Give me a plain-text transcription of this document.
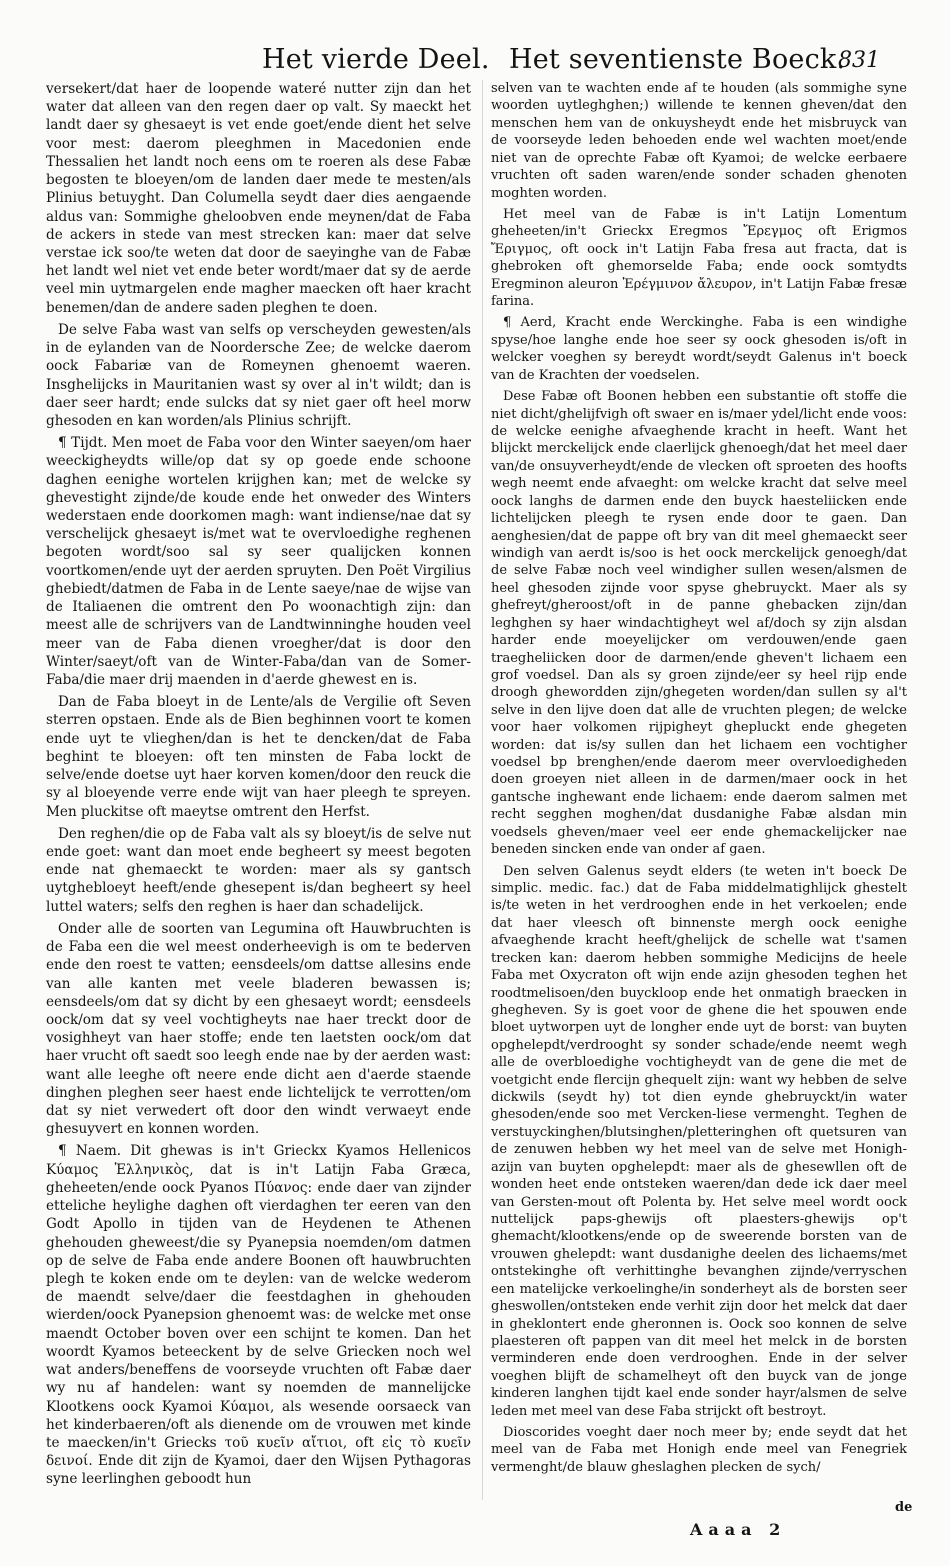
Het vierde Deel. Het seventienste Boeck.
831

versekert/dat haer de loopende wateré nutter zijn dan het water dat alleen van den regen daer op valt. Sy maeckt het landt daer sy ghesaeyt is vet ende goet/ende dient het selve voor mest: daerom pleeghmen in Macedonien ende Thessalien het landt noch eens om te roeren als dese Fabæ begosten te bloeyen/om de landen daer mede te mesten/als Plinius betuyght. Dan Columella seydt daer dies aengaende aldus van: Sommighe gheloobven ende meynen/dat de Faba de ackers in stede van mest strecken kan: maer dat selve verstae ick soo/te weten dat door de saeyinghe van de Fabæ het landt wel niet vet ende beter wordt/maer dat sy de aerde veel min uytmargelen ende magher maecken oft haer kracht benemen/dan de andere saden pleghen te doen.

De selve Faba wast van selfs op verscheyden gewesten/als in de eylanden van de Noordersche Zee; de welcke daerom oock Fabariæ van de Romeynen ghenoemt waeren. Insghelijcks in Mauritanien wast sy over al in't wildt; dan is daer seer hardt; ende sulcks dat sy niet gaer oft heel morw ghesoden en kan worden/als Plinius schrijft.

¶ Tijdt. Men moet de Faba voor den Winter saeyen/om haer weeckigheydts wille/op dat sy op goede ende schoone daghen eenighe wortelen krijghen kan; met de welcke sy ghevestight zijnde/de koude ende het onweder des Winters wederstaen ende doorkomen magh: want indiense/nae dat sy verschelijck ghesaeyt is/met wat te overvloedighe reghenen begoten wordt/soo sal sy seer qualijcken konnen voortkomen/ende uyt der aerden spruyten. Den Poët Virgilius ghebiedt/datmen de Faba in de Lente saeye/nae de wijse van de Italiaenen die omtrent den Po woonachtigh zijn: dan meest alle de schrijvers van de Landtwinninghe houden veel meer van de Faba dienen vroegher/dat is door den Winter/saeyt/oft van de Winter-Faba/dan van de Somer-Faba/die maer drij maenden in d'aerde ghewest en is.

Dan de Faba bloeyt in de Lente/als de Vergilie oft Seven sterren opstaen. Ende als de Bien beghinnen voort te komen ende uyt te vlieghen/dan is het te dencken/dat de Faba beghint te bloeyen: oft ten minsten de Faba lockt de selve/ende doetse uyt haer korven komen/door den reuck die sy al bloeyende verre ende wijt van haer pleegh te spreyen. Men pluckitse oft maeytse omtrent den Herfst.

Den reghen/die op de Faba valt als sy bloeyt/is de selve nut ende goet: want dan moet ende begheert sy meest begoten ende nat ghemaeckt te worden: maer als sy gantsch uytghebloeyt heeft/ende ghesepent is/dan begheert sy heel luttel waters; selfs den reghen is haer dan schadelijck.

Onder alle de soorten van Legumina oft Hauwbruchten is de Faba een die wel meest onderheevigh is om te bederven ende den roest te vatten; eensdeels/om dattse allesins ende van alle kanten met veele bladeren bewassen is; eensdeels/om dat sy dicht by een ghesaeyt wordt; eensdeels oock/om dat sy veel vochtigheyts nae haer treckt door de vosighheyt van haer stoffe; ende ten laetsten oock/om dat haer vrucht oft saedt soo leegh ende nae by der aerden wast: want alle leeghe oft neere ende dicht aen d'aerde staende dinghen pleghen seer haest ende lichtelijck te verrotten/om dat sy niet verwedert oft door den windt verwaeyt ende ghesuyvert en konnen worden.

¶ Naem. Dit ghewas is in't Grieckx Kyamos Hellenicos Κύαμος Ἑλληνικὸς, dat is in't Latijn Faba Græca, gheheeten/ende oock Pyanos Πύανος: ende daer van zijnder etteliche heylighe daghen oft vierdaghen ter eeren van den Godt Apollo in tijden van de Heydenen te Athenen ghehouden gheweest/die sy Pyanepsia noemden/om datmen op de selve de Faba ende andere Boonen oft hauwbruchten plegh te koken ende om te deylen: van de welcke wederom de maendt selve/daer die feestdaghen in ghehouden wierden/oock Pyanepsion ghenoemt was: de welcke met onse maendt October boven over een schijnt te komen. Dan het woordt Kyamos beteeckent by de selve Griecken noch wel wat anders/beneffens de voorseyde vruchten oft Fabæ daer wy nu af handelen: want sy noemden de mannelijcke Klootkens oock Kyamoi Κύαμοι, als wesende oorsaeck van het kinderbaeren/oft als dienende om de vrouwen met kinde te maecken/in't Griecks τοῦ κυεῖν αἴτιοι, oft εἰς τὸ κυεῖν δεινοί. Ende dit zijn de Kyamoi, daer den Wijsen Pythagoras syne leerlinghen geboodt hun

selven van te wachten ende af te houden (als sommighe syne woorden uytleghghen;) willende te kennen gheven/dat den menschen hem van de onkuysheydt ende het misbruyck van de voorseyde leden behoeden ende wel wachten moet/ende niet van de oprechte Fabæ oft Kyamoi; de welcke eerbaere vruchten oft saden waren/ende sonder schaden ghenoten moghten worden.

Het meel van de Fabæ is in't Latijn Lomentum gheheeten/in't Grieckx Eregmos Ἔρεγμος oft Erigmos Ἔριγμος, oft oock in't Latijn Faba fresa aut fracta, dat is ghebroken oft ghemorselde Faba; ende oock somtydts Eregminon aleuron Ἐρέγμινον ἄλευρον, in't Latijn Fabæ fresæ farina.

¶ Aerd, Kracht ende Werckinghe. Faba is een windighe spyse/hoe langhe ende hoe seer sy oock ghesoden is/oft in welcker voeghen sy bereydt wordt/seydt Galenus in't boeck van de Krachten der voedselen.

Dese Fabæ oft Boonen hebben een substantie oft stoffe die niet dicht/ghelijfvigh oft swaer en is/maer ydel/licht ende voos: de welcke eenighe afvaeghende kracht in heeft. Want het blijckt merckelijck ende claerlijck ghenoegh/dat het meel daer van/de onsuyverheydt/ende de vlecken oft sproeten des hoofts wegh neemt ende afvaeght: om welcke kracht dat selve meel oock langhs de darmen ende den buyck haesteliicken ende lichtelijcken pleegh te rysen ende door te gaen. Dan aenghesien/dat de pappe oft bry van dit meel ghemaeckt seer windigh van aerdt is/soo is het oock merckelijck genoegh/dat de selve Fabæ noch veel windigher sullen wesen/alsmen de heel ghesoden zijnde voor spyse ghebruyckt. Maer als sy ghefreyt/gheroost/oft in de panne ghebacken zijn/dan leghghen sy haer windachtigheyt wel af/doch sy zijn alsdan harder ende moeyelijcker om verdouwen/ende gaen traegheliicken door de darmen/ende gheven't lichaem een grof voedsel. Dan als sy groen zijnde/eer sy heel rijp ende droogh ghewordden zijn/ghegeten worden/dan sullen sy al't selve in den lijve doen dat alle de vruchten plegen; de welcke voor haer volkomen rijpigheyt ghepluckt ende ghegeten worden: dat is/sy sullen dan het lichaem een vochtigher voedsel bp brenghen/ende daerom meer overvloedigheden doen groeyen niet alleen in de darmen/maer oock in het gantsche inghewant ende lichaem: ende daerom salmen met recht segghen moghen/dat dusdanighe Fabæ alsdan min voedsels gheven/maer veel eer ende ghemackelijcker nae beneden sincken ende van onder af gaen.

Den selven Galenus seydt elders (te weten in't boeck De simplic. medic. fac.) dat de Faba middelmatighlijck ghestelt is/te weten in het verdrooghen ende in het verkoelen; ende dat haer vleesch oft binnenste mergh oock eenighe afvaeghende kracht heeft/ghelijck de schelle wat t'samen trecken kan: daerom hebben sommighe Medicijns de heele Faba met Oxycraton oft wijn ende azijn ghesoden teghen het roodtmelisoen/den buyckloop ende het onmatigh braecken in ghegheven. Sy is goet voor de ghene die het spouwen ende bloet uytworpen uyt de longher ende uyt de borst: van buyten opghelepdt/verdrooght sy sonder schade/ende neemt wegh alle de overbloedighe vochtigheydt van de gene die met de voetgicht ende flercijn ghequelt zijn: want wy hebben de selve dickwils (seydt hy) tot dien eynde ghebruyckt/in water ghesoden/ende soo met Vercken-liese vermenght. Teghen de verstuyckinghen/blutsinghen/pletteringhen oft quetsuren van de zenuwen hebben wy het meel van de selve met Honigh-azijn van buyten opghelepdt: maer als de ghesewllen oft de wonden heet ende ontsteken waeren/dan dede ick daer meel van Gersten-mout oft Polenta by. Het selve meel wordt oock nuttelijck paps-ghewijs oft plaesters-ghewijs op't ghemacht/klootkens/ende op de sweerende borsten van de vrouwen ghelepdt: want dusdanighe deelen des lichaems/met ontstekinghe oft verhittinghe bevanghen zijnde/verryschen een matelijcke verkoelinghe/in sonderheyt als de borsten seer gheswollen/ontsteken ende verhit zijn door het melck dat daer in gheklontert ende gheronnen is. Oock soo konnen de selve plaesteren oft pappen van dit meel het melck in de borsten verminderen ende doen verdrooghen. Ende in der selver voeghen blijft de schamelheyt oft den buyck van de jonge kinderen langhen tijdt kael ende sonder hayr/alsmen de selve leden met meel van dese Faba strijckt oft bestroyt.

Dioscorides voeght daer noch meer by; ende seydt dat het meel van de Faba met Honigh ende meel van Fenegriek vermenght/de blauw gheslaghen plecken de sych/

de
Aaaa 2
